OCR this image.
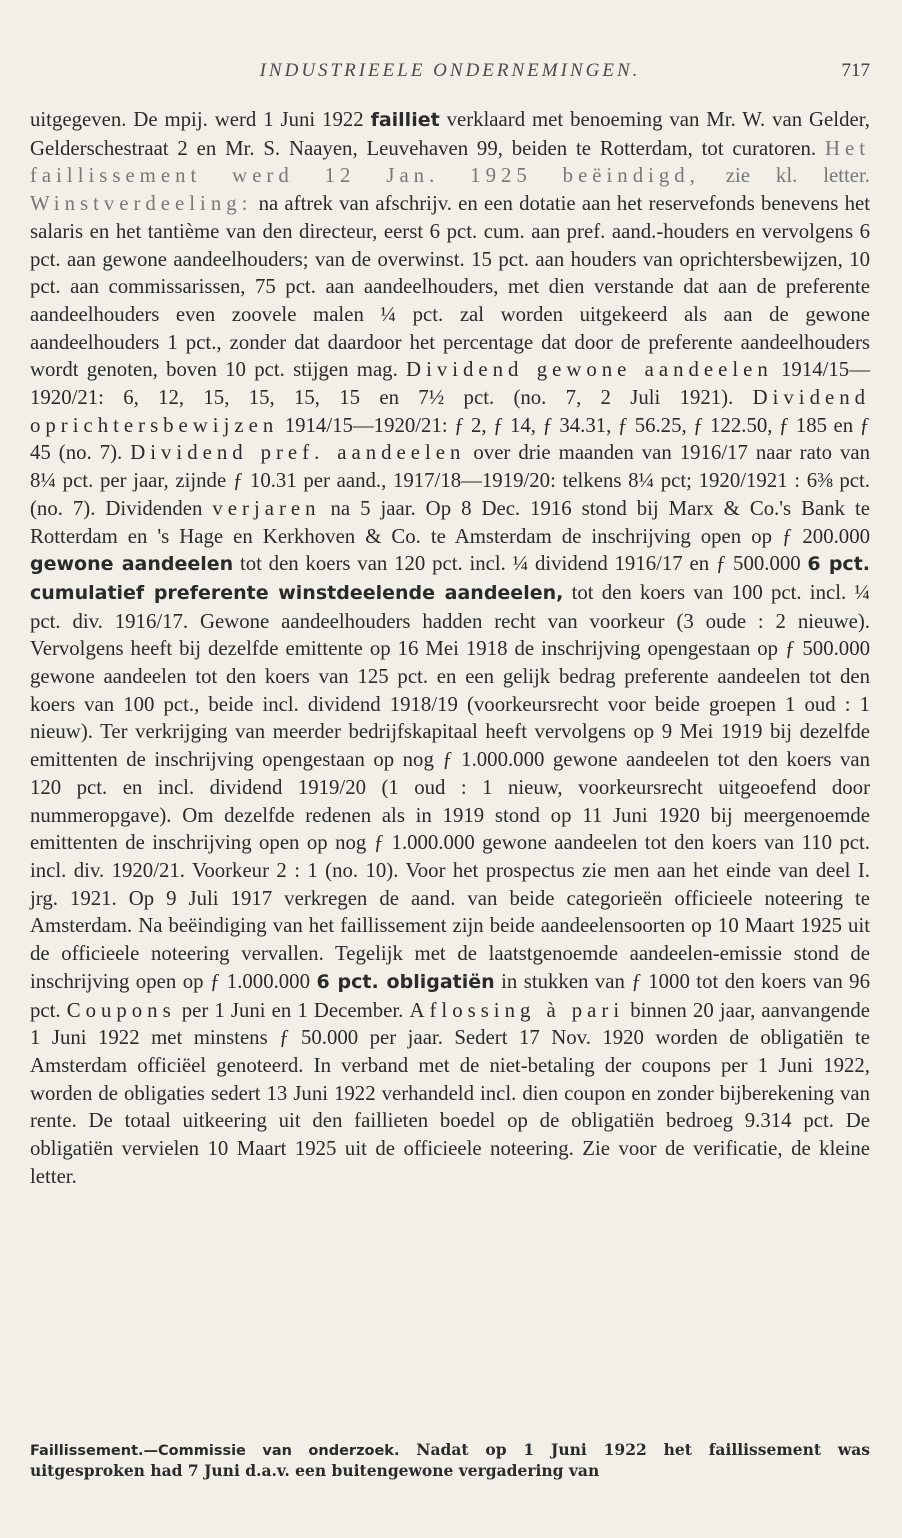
INDUSTRIEELE ONDERNEMINGEN.	717

uitgegeven. De mpij. werd 1 Juni 1922 failliet verklaard met benoeming van Mr. W. van Gelder, Gelderschestraat 2 en Mr. S. Naayen, Leuvehaven 99, beiden te Rotterdam, tot curatoren. Het faillissement werd 12 Jan. 1925 beëindigd, zie kl. letter. Winstverdeeling: na aftrek van afschrijv. en een dotatie aan het reservefonds benevens het salaris en het tantième van den directeur, eerst 6 pct. cum. aan pref. aand.-houders en vervolgens 6 pct. aan gewone aandeelhouders; van de overwinst. 15 pct. aan houders van oprichtersbewijzen, 10 pct. aan commissarissen, 75 pct. aan aandeelhouders, met dien verstande dat aan de preferente aandeelhouders even zoovele malen ¼ pct. zal worden uitgekeerd als aan de gewone aandeelhouders 1 pct., zonder dat daardoor het percentage dat door de preferente aandeelhouders wordt genoten, boven 10 pct. stijgen mag. Dividend gewone aandeelen 1914/15—1920/21: 6, 12, 15, 15, 15, 15 en 7½ pct. (no. 7, 2 Juli 1921). Dividend oprichtersbewijzen 1914/15—1920/21: ƒ 2, ƒ 14, ƒ 34.31, ƒ 56.25, ƒ 122.50, ƒ 185 en ƒ 45 (no. 7). Dividend pref. aandeelen over drie maanden van 1916/17 naar rato van 8¼ pct. per jaar, zijnde ƒ 10.31 per aand., 1917/18—1919/20: telkens 8¼ pct; 1920/1921 : 6⅜ pct. (no. 7). Dividenden verjaren na 5 jaar. Op 8 Dec. 1916 stond bij Marx & Co.'s Bank te Rotterdam en 's Hage en Kerkhoven & Co. te Amsterdam de inschrijving open op ƒ 200.000 gewone aandeelen tot den koers van 120 pct. incl. ¼ dividend 1916/17 en ƒ 500.000 6 pct. cumulatief preferente winstdeelende aandeelen, tot den koers van 100 pct. incl. ¼ pct. div. 1916/17. Gewone aandeelhouders hadden recht van voorkeur (3 oude : 2 nieuwe). Vervolgens heeft bij dezelfde emittente op 16 Mei 1918 de inschrijving opengestaan op ƒ 500.000 gewone aandeelen tot den koers van 125 pct. en een gelijk bedrag preferente aandeelen tot den koers van 100 pct., beide incl. dividend 1918/19 (voorkeursrecht voor beide groepen 1 oud : 1 nieuw). Ter verkrijging van meerder bedrijfskapitaal heeft vervolgens op 9 Mei 1919 bij dezelfde emittenten de inschrijving opengestaan op nog ƒ 1.000.000 gewone aandeelen tot den koers van 120 pct. en incl. dividend 1919/20 (1 oud : 1 nieuw, voorkeursrecht uitgeoefend door nummeropgave). Om dezelfde redenen als in 1919 stond op 11 Juni 1920 bij meergenoemde emittenten de inschrijving open op nog ƒ 1.000.000 gewone aandeelen tot den koers van 110 pct. incl. div. 1920/21. Voorkeur 2 : 1 (no. 10). Voor het prospectus zie men aan het einde van deel I. jrg. 1921. Op 9 Juli 1917 verkregen de aand. van beide categorieën officieele noteering te Amsterdam. Na beëindiging van het faillissement zijn beide aandeelensoorten op 10 Maart 1925 uit de officieele noteering vervallen. Tegelijk met de laatstgenoemde aandeelen-emissie stond de inschrijving open op ƒ 1.000.000 6 pct. obligatiën in stukken van ƒ 1000 tot den koers van 96 pct. Coupons per 1 Juni en 1 December. Aflossing à pari binnen 20 jaar, aanvangende 1 Juni 1922 met minstens ƒ 50.000 per jaar. Sedert 17 Nov. 1920 worden de obligatiën te Amsterdam officiëel genoteerd. In verband met de niet-betaling der coupons per 1 Juni 1922, worden de obligaties sedert 13 Juni 1922 verhandeld incl. dien coupon en zonder bijberekening van rente. De totaal uitkeering uit den faillieten boedel op de obligatiën bedroeg 9.314 pct. De obligatiën vervielen 10 Maart 1925 uit de officieele noteering. Zie voor de verificatie, de kleine letter.

Faillissement.—Commissie van onderzoek. Nadat op 1 Juni 1922 het faillissement was uitgesproken had 7 Juni d.a.v. een buitengewone vergadering van
